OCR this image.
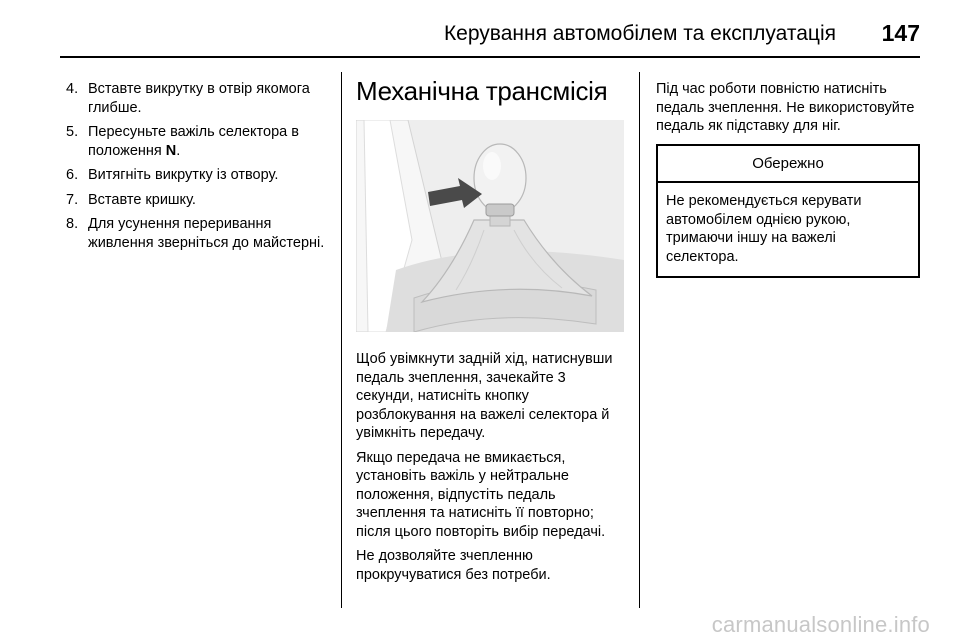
Керування автомобілем та експлуатація 147
4. Вставте викрутку в отвір якомога глибше.
5. Пересуньте важіль селектора в положення N.
6. Витягніть викрутку із отвору.
7. Вставте кришку.
8. Для усунення переривання живлення зверніться до майстерні.
Механічна трансмісія
Щоб увімкнути задній хід, натиснувши педаль зчеплення, зачекайте 3 секунди, натисніть кнопку розблокування на важелі селектора й увімкніть передачу.
Якщо передача не вмикається, установіть важіль у нейтральне положення, відпустіть педаль зчеплення та натисніть її повторно; після цього повторіть вибір передачі.
Не дозволяйте зчепленню прокручуватися без потреби.
Під час роботи повністю натисніть педаль зчеплення. Не використовуйте педаль як підставку для ніг.
Обережно
Не рекомендується керувати автомобілем однією рукою, тримаючи іншу на важелі селектора.
carmanualsonline.info
